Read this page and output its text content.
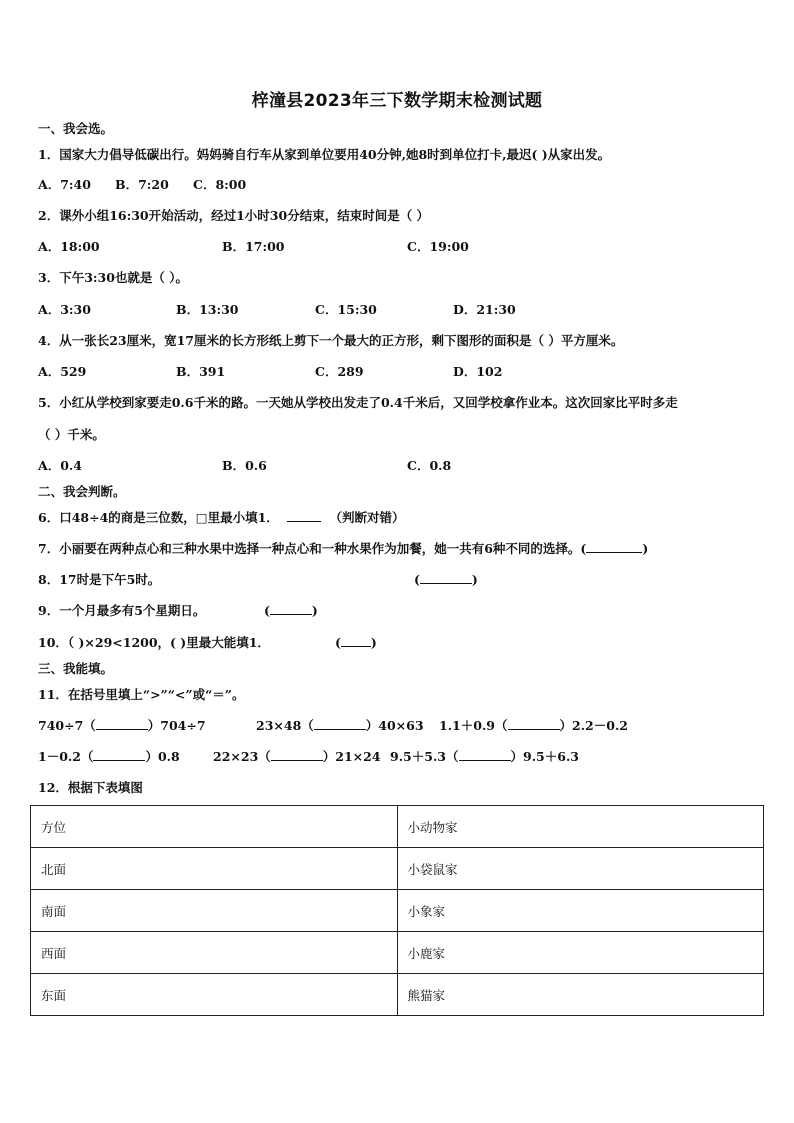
梓潼县2023年三下数学期末检测试题
一、我会选。
1．国家大力倡导低碳出行。妈妈骑自行车从家到单位要用40分钟,她8时到单位打卡,最迟( )从家出发。
A．7:40 B．7:20 C．8:00
2．课外小组16:30开始活动，经过1小时30分结束，结束时间是（ ）
A．18:00	B．17:00	C．19:00
3．下午3:30也就是（ ）。
A．3:30	B．13:30	C．15:30	D．21:30
4．从一张长23厘米，宽17厘米的长方形纸上剪下一个最大的正方形，剩下图形的面积是（ ）平方厘米。
A．529	B．391	C．289	D．102
5．小红从学校到家要走0.6千米的路。一天她从学校出发走了0.4千米后，又回学校拿作业本。这次回家比平时多走
（ ）千米。
A．0.4	B．0.6	C．0.8
二、我会判断。
6．口48÷4的商是三位数，□里最小填1．	（判断对错）
7．小丽要在两种点心和三种水果中选择一种点心和一种水果作为加餐，她一共有6种不同的选择。(	)
8．17时是下午5时。	(	)
9．一个月最多有5个星期日。	(	)
10．（ )×29<1200，( )里最大能填1．	( )
三、我能填。
11．在括号里填上“>”“<”或“＝”。
740÷7（	）704÷7	23×48（	）40×63 1.1＋0.9（	）2.2－0.2
1－0.2（	）0.8	22×23（	）21×24 9.5＋5.3（	）9.5＋6.3
12．根据下表填图
方位	小动物家
北面	小袋鼠家
南面	小象家
西面	小鹿家
东面	熊猫家
